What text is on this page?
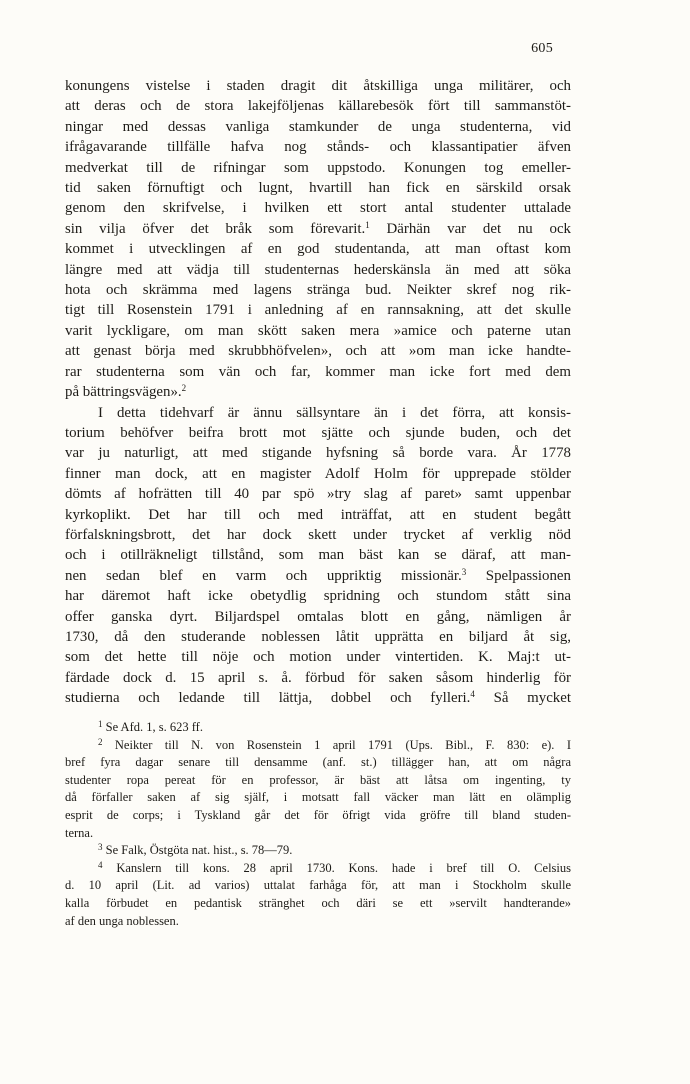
605
konungens vistelse i staden dragit dit åtskilliga unga militärer, och
att deras och de stora lakejföljenas källarebesök fört till sammanstöt-
ningar med dessas vanliga stamkunder de unga studenterna, vid
ifrågavarande tillfälle hafva nog stånds- och klassantipatier äfven
medverkat till de rifningar som uppstodo. Konungen tog emeller-
tid saken förnuftigt och lugnt, hvartill han fick en särskild orsak
genom den skrifvelse, i hvilken ett stort antal studenter uttalade
sin vilja öfver det bråk som förevarit.$^1$ Därhän var det nu ock
kommet i utvecklingen af en god studentanda, att man oftast kom
längre med att vädja till studenternas hederskänsla än med att söka
hota och skrämma med lagens stränga bud. Neikter skref nog rik-
tigt till Rosenstein 1791 i anledning af en rannsakning, att det skulle
varit lyckligare, om man skött saken mera »amice och paterne utan
att genast börja med skrubbhöfvelen», och att »om man icke handte-
rar studenterna som vän och far, kommer man icke fort med dem
på bättringsvägen».$^2$
I detta tidehvarf är ännu sällsyntare än i det förra, att konsis-
torium behöfver beifra brott mot sjätte och sjunde buden, och det
var ju naturligt, att med stigande hyfsning så borde vara. År 1778
finner man dock, att en magister Adolf Holm för upprepade stölder
dömts af hofrätten till 40 par spö »try slag af paret» samt uppenbar
kyrkoplikt. Det har till och med inträffat, att en student begått
förfalskningsbrott, det har dock skett under trycket af verklig nöd
och i otillräkneligt tillstånd, som man bäst kan se däraf, att man-
nen sedan blef en varm och uppriktig missionär.$^3$ Spelpassionen
har däremot haft icke obetydlig spridning och stundom stått sina
offer ganska dyrt. Biljardspel omtalas blott en gång, nämligen år
1730, då den studerande noblessen låtit upprätta en biljard åt sig,
som det hette till nöje och motion under vintertiden. K. Maj:t ut-
färdade dock d. 15 april s. å. förbud för saken såsom hinderlig för
studierna och ledande till lättja, dobbel och fylleri.$^4$ Så mycket
$^1$ Se Afd. 1, s. 623 ff.
$^2$ Neikter till N. von Rosenstein 1 april 1791 (Ups. Bibl., F. 830: e). I
bref fyra dagar senare till densamme (anf. st.) tillägger han, att om några
studenter ropa pereat för en professor, är bäst att låtsa om ingenting, ty
då förfaller saken af sig själf, i motsatt fall väcker man lätt en olämplig
esprit de corps; i Tyskland går det för öfrigt vida gröfre till bland studen-
terna.
$^3$ Se Falk, Östgöta nat. hist., s. 78—79.
$^4$ Kanslern till kons. 28 april 1730. Kons. hade i bref till O. Celsius
d. 10 april (Lit. ad varios) uttalat farhåga för, att man i Stockholm skulle
kalla förbudet en pedantisk stränghet och däri se ett »servilt handterande»
af den unga noblessen.
